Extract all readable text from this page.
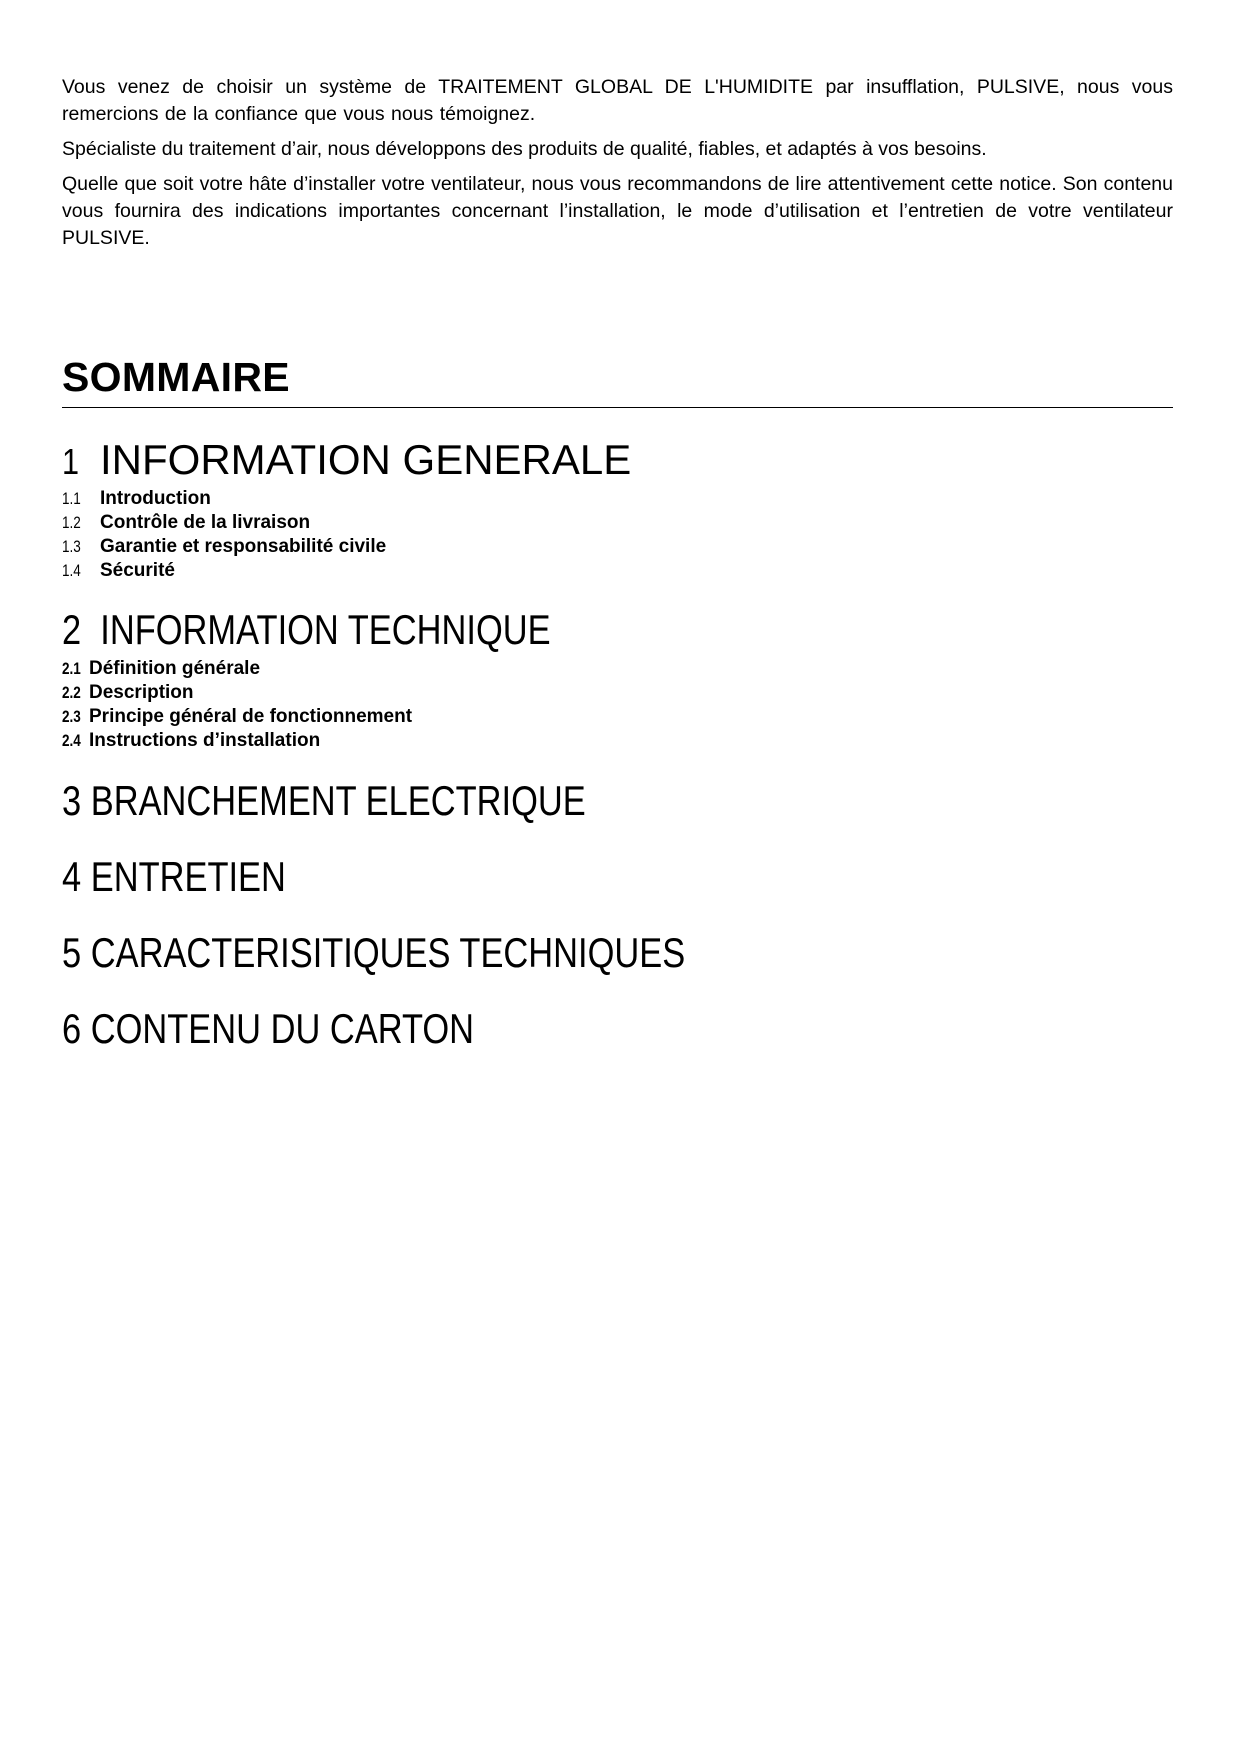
Vous venez de choisir un système de TRAITEMENT GLOBAL DE L'HUMIDITE par insufflation, PULSIVE, nous vous remercions de la confiance que vous nous témoignez.

Spécialiste du traitement d’air, nous développons des produits de qualité, fiables, et adaptés à vos besoins.

Quelle que soit votre hâte d’installer votre ventilateur, nous vous recommandons de lire attentivement cette notice. Son contenu vous fournira des indications importantes concernant l’installation, le mode d’utilisation et l’entretien de votre ventilateur PULSIVE.

SOMMAIRE
1 INFORMATION GENERALE
1.1 Introduction
1.2 Contrôle de la livraison
1.3 Garantie et responsabilité civile
1.4 Sécurité
2 INFORMATION TECHNIQUE
2.1 Définition générale
2.2 Description
2.3 Principe général de fonctionnement
2.4 Instructions d’installation
3 BRANCHEMENT ELECTRIQUE
4 ENTRETIEN
5 CARACTERISITIQUES TECHNIQUES
6 CONTENU DU CARTON
